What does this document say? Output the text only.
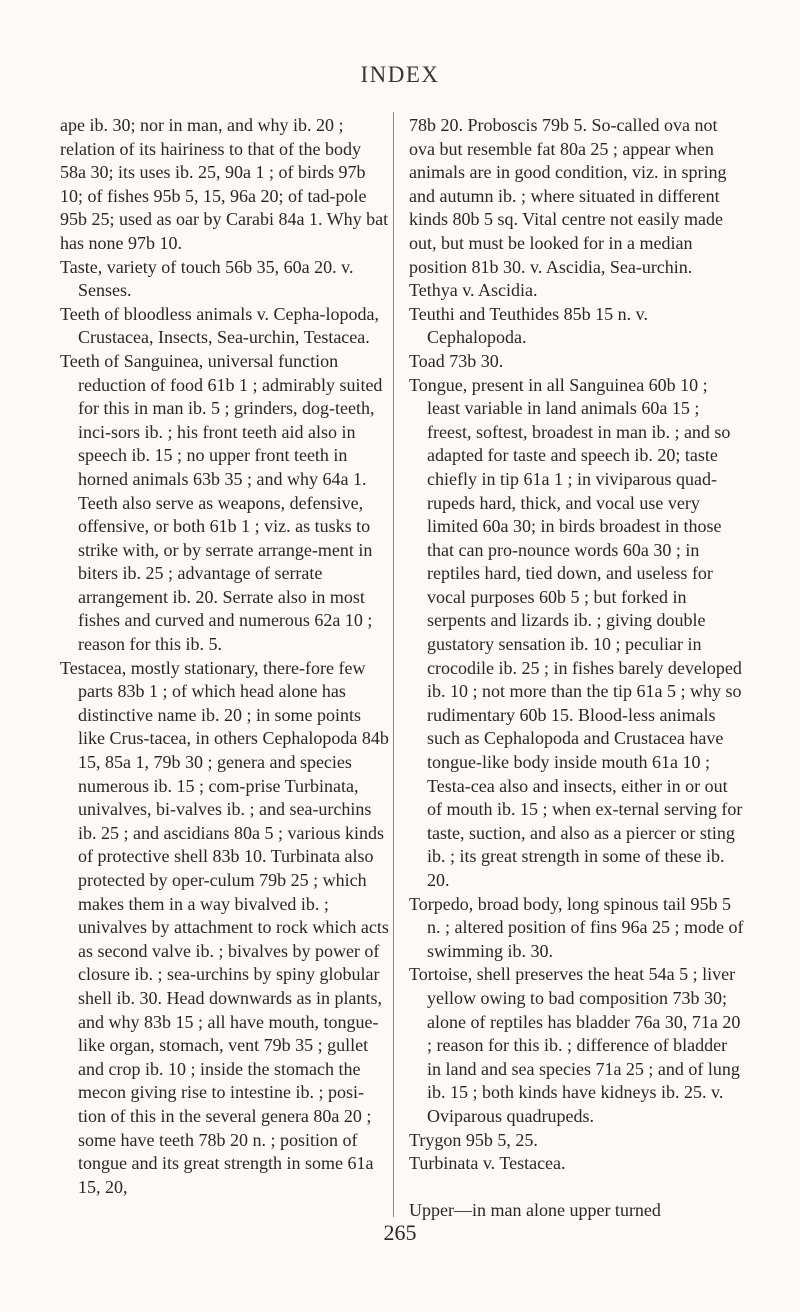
INDEX

ape ib. 30; nor in man, and why ib. 20 ; relation of its hairiness to that of the body 58a 30; its uses ib. 25, 90a 1 ; of birds 97b 10; of fishes 95b 5, 15, 96a 20; of tad-pole 95b 25; used as oar by Carabi 84a 1. Why bat has none 97b 10.

Taste, variety of touch 56b 35, 60a 20. v. Senses.

Teeth of bloodless animals v. Cepha-lopoda, Crustacea, Insects, Sea-urchin, Testacea.

Teeth of Sanguinea, universal function reduction of food 61b 1 ; admirably suited for this in man ib. 5 ; grinders, dog-teeth, inci-sors ib. ; his front teeth aid also in speech ib. 15 ; no upper front teeth in horned animals 63b 35 ; and why 64a 1. Teeth also serve as weapons, defensive, offensive, or both 61b 1 ; viz. as tusks to strike with, or by serrate arrange-ment in biters ib. 25 ; advantage of serrate arrangement ib. 20. Serrate also in most fishes and curved and numerous 62a 10 ; reason for this ib. 5.

Testacea, mostly stationary, there-fore few parts 83b 1 ; of which head alone has distinctive name ib. 20 ; in some points like Crus-tacea, in others Cephalopoda 84b 15, 85a 1, 79b 30 ; genera and species numerous ib. 15 ; com-prise Turbinata, univalves, bi-valves ib. ; and sea-urchins ib. 25 ; and ascidians 80a 5 ; various kinds of protective shell 83b 10. Turbinata also protected by oper-culum 79b 25 ; which makes them in a way bivalved ib. ; univalves by attachment to rock which acts as second valve ib. ; bivalves by power of closure ib. ; sea-urchins by spiny globular shell ib. 30. Head downwards as in plants, and why 83b 15 ; all have mouth, tongue-like organ, stomach, vent 79b 35 ; gullet and crop ib. 10 ; inside the stomach the mecon giving rise to intestine ib. ; posi-tion of this in the several genera 80a 20 ; some have teeth 78b 20 n. ; position of tongue and its great strength in some 61a 15, 20,

78b 20. Proboscis 79b 5. So-called ova not ova but resemble fat 80a 25 ; appear when animals are in good condition, viz. in spring and autumn ib. ; where situated in different kinds 80b 5 sq. Vital centre not easily made out, but must be looked for in a median position 81b 30. v. Ascidia, Sea-urchin.

Tethya v. Ascidia.

Teuthi and Teuthides 85b 15 n. v. Cephalopoda.

Toad 73b 30.

Tongue, present in all Sanguinea 60b 10 ; least variable in land animals 60a 15 ; freest, softest, broadest in man ib. ; and so adapted for taste and speech ib. 20; taste chiefly in tip 61a 1 ; in viviparous quad-rupeds hard, thick, and vocal use very limited 60a 30; in birds broadest in those that can pro-nounce words 60a 30 ; in reptiles hard, tied down, and useless for vocal purposes 60b 5 ; but forked in serpents and lizards ib. ; giving double gustatory sensation ib. 10 ; peculiar in crocodile ib. 25 ; in fishes barely developed ib. 10 ; not more than the tip 61a 5 ; why so rudimentary 60b 15. Blood-less animals such as Cephalopoda and Crustacea have tongue-like body inside mouth 61a 10 ; Testa-cea also and insects, either in or out of mouth ib. 15 ; when ex-ternal serving for taste, suction, and also as a piercer or sting ib. ; its great strength in some of these ib. 20.

Torpedo, broad body, long spinous tail 95b 5 n. ; altered position of fins 96a 25 ; mode of swimming ib. 30.

Tortoise, shell preserves the heat 54a 5 ; liver yellow owing to bad composition 73b 30; alone of reptiles has bladder 76a 30, 71a 20 ; reason for this ib. ; difference of bladder in land and sea species 71a 25 ; and of lung ib. 15 ; both kinds have kidneys ib. 25. v. Oviparous quadrupeds.

Trygon 95b 5, 25.

Turbinata v. Testacea.

Upper—in man alone upper turned

265
